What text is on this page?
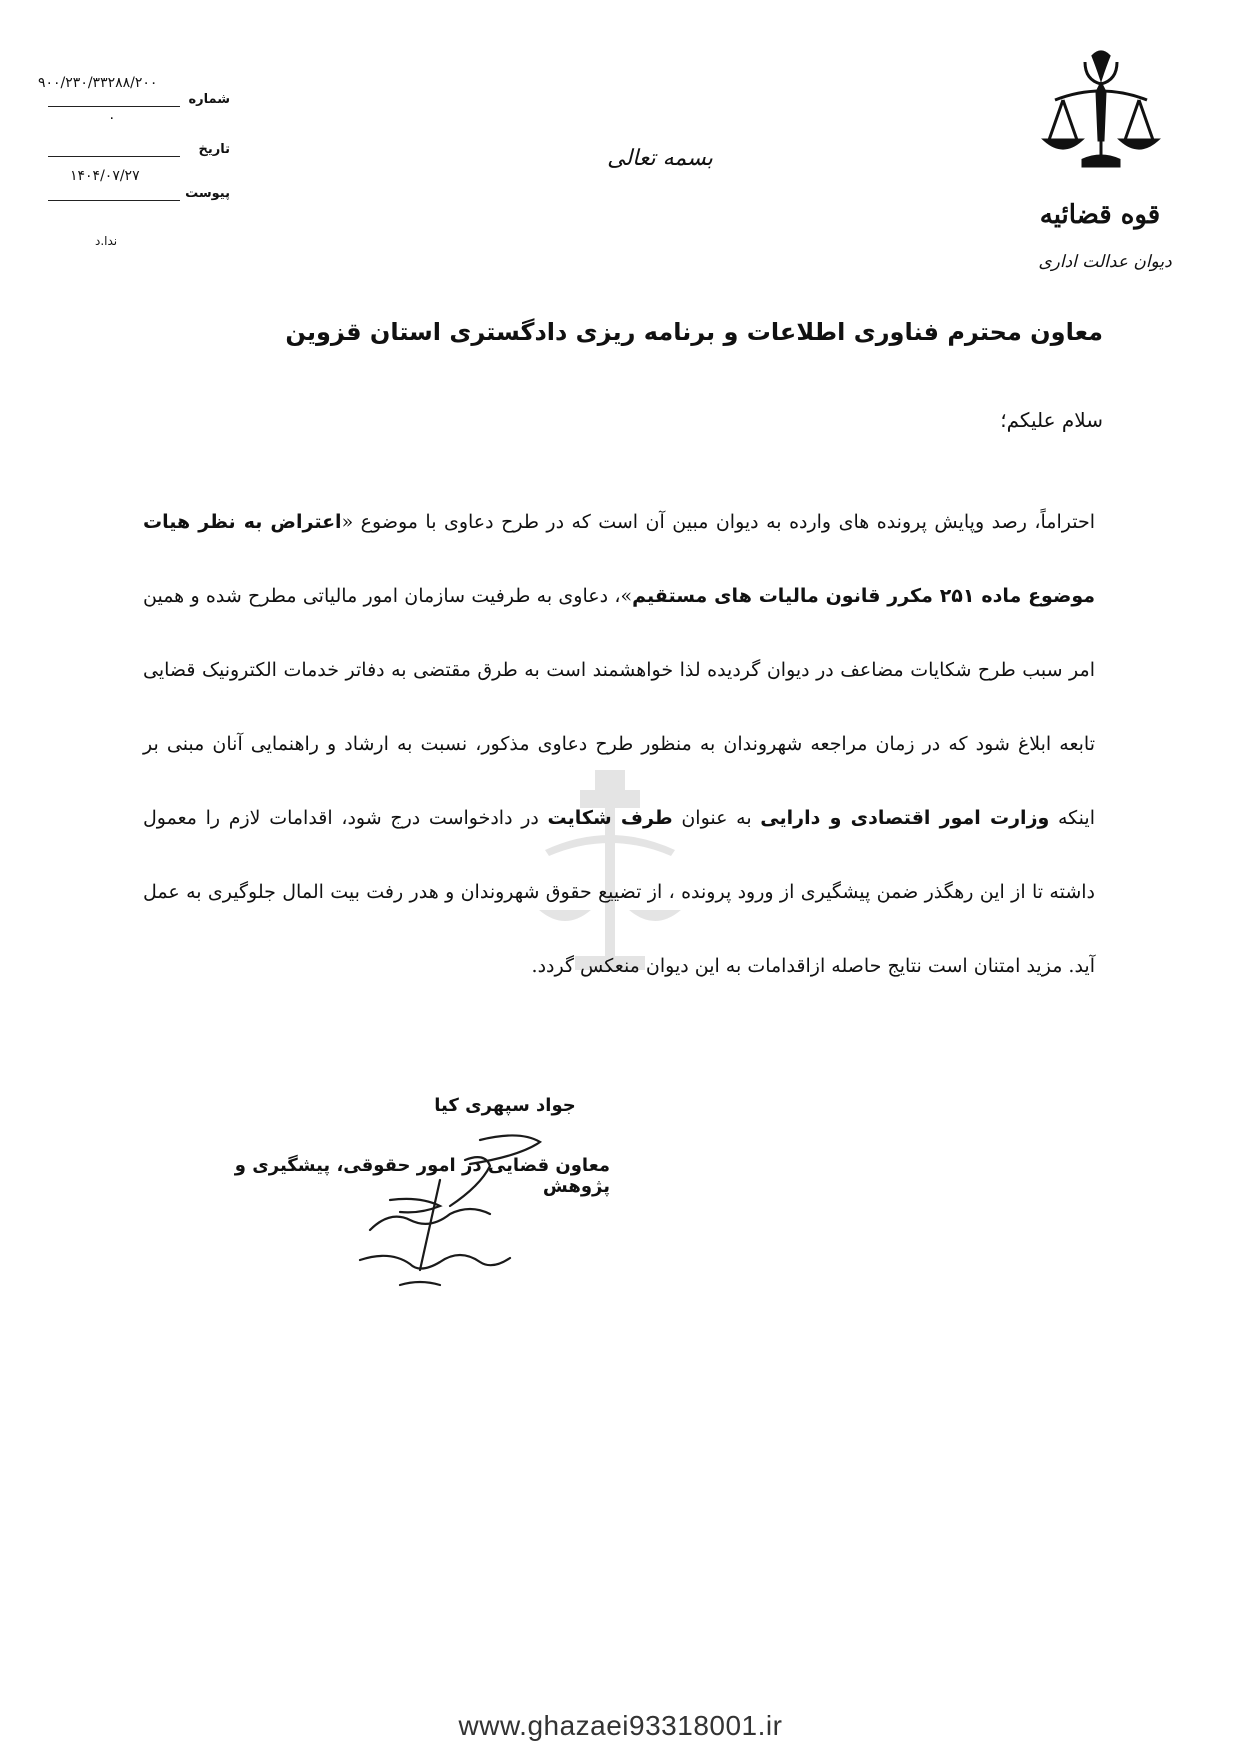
قوه قضائیه
دیوان عدالت اداری
بسمه تعالی
شماره
۹۰۰/۲۳۰/۳۳۲۸۸/۲۰۰
تاریخ
۰
پیوست
۱۴۰۴/۰۷/۲۷
ندا.د
معاون محترم فناوری اطلاعات و برنامه ریزی دادگستری استان قزوین
سلام علیکم؛
احتراماً، رصد وپایش پرونده های وارده به دیوان مبین آن است که در طرح دعاوی با موضوع «اعتراض به نظر هیات موضوع ماده ۲۵۱ مکرر قانون مالیات های مستقیم»، دعاوی به طرفیت سازمان امور مالیاتی مطرح شده و همین امر سبب طرح شکایات مضاعف در دیوان گردیده لذا خواهشمند است به طرق مقتضی به دفاتر خدمات الکترونیک قضایی تابعه ابلاغ شود که در زمان مراجعه شهروندان به منظور طرح دعاوی مذکور، نسبت به ارشاد و راهنمایی آنان مبنی بر اینکه وزارت امور اقتصادی و دارایی به عنوان طرف شکایت در دادخواست درج شود، اقدامات لازم را معمول داشته تا از این رهگذر ضمن پیشگیری از ورود پرونده ، از تضییع حقوق شهروندان و هدر رفت بیت المال جلوگیری به عمل آید. مزید امتنان است نتایج حاصله ازاقدامات به این دیوان منعکس گردد.
جواد سپهری کیا
معاون قضایی در امور حقوقی، پیشگیری و پژوهش
www.ghazaei93318001.ir
